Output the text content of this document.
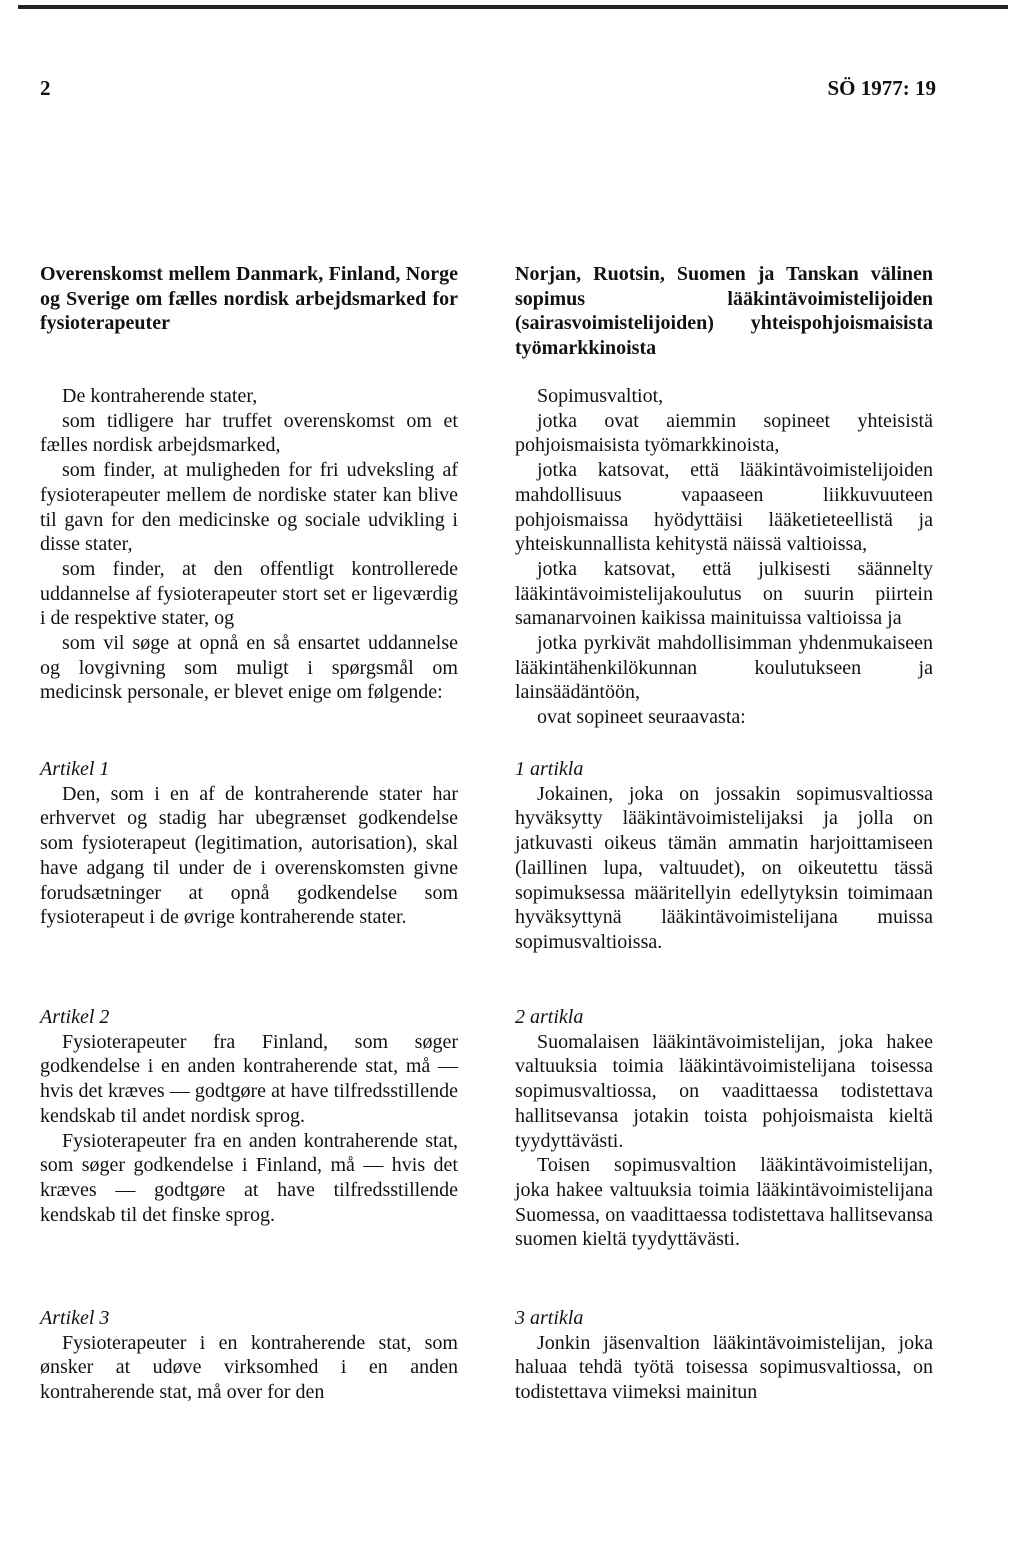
2	SÖ 1977: 19

Overenskomst mellem Danmark, Finland, Norge og Sverige om fælles nordisk arbejdsmarked for fysioterapeuter

De kontraherende stater,

som tidligere har truffet overenskomst om et fælles nordisk arbejdsmarked,

som finder, at muligheden for fri udveksling af fysioterapeuter mellem de nordiske stater kan blive til gavn for den medicinske og sociale udvikling i disse stater,

som finder, at den offentligt kontrollerede uddannelse af fysioterapeuter stort set er ligeværdig i de respektive stater, og

som vil søge at opnå en så ensartet uddannelse og lovgivning som muligt i spørgsmål om medicinsk personale, er blevet enige om følgende:

Artikel 1

Den, som i en af de kontraherende stater har erhvervet og stadig har ubegrænset godkendelse som fysioterapeut (legitimation, autorisation), skal have adgang til under de i overenskomsten givne forudsætninger at opnå godkendelse som fysioterapeut i de øvrige kontraherende stater.

Artikel 2

Fysioterapeuter fra Finland, som søger godkendelse i en anden kontraherende stat, må — hvis det kræves — godtgøre at have tilfredsstillende kendskab til andet nordisk sprog.

Fysioterapeuter fra en anden kontraherende stat, som søger godkendelse i Finland, må — hvis det kræves — godtgøre at have tilfredsstillende kendskab til det finske sprog.

Artikel 3

Fysioterapeuter i en kontraherende stat, som ønsker at udøve virksomhed i en anden kontraherende stat, må over for den

Norjan, Ruotsin, Suomen ja Tanskan välinen sopimus lääkintävoimistelijoiden (sairasvoimistelijoiden) yhteispohjoismaisista työmarkkinoista

Sopimusvaltiot,

jotka ovat aiemmin sopineet yhteisistä pohjoismaisista työmarkkinoista,

jotka katsovat, että lääkintävoimistelijoiden mahdollisuus vapaaseen liikkuvuuteen pohjoismaissa hyödyttäisi lääketieteellistä ja yhteiskunnallista kehitystä näissä valtioissa,

jotka katsovat, että julkisesti säännelty lääkintävoimistelijakoulutus on suurin piirtein samanarvoinen kaikissa mainituissa valtioissa ja

jotka pyrkivät mahdollisimman yhdenmukaiseen lääkintähenkilökunnan koulutukseen ja lainsäädäntöön,

ovat sopineet seuraavasta:

1 artikla

Jokainen, joka on jossakin sopimusvaltiossa hyväksytty lääkintävoimistelijaksi ja jolla on jatkuvasti oikeus tämän ammatin harjoittamiseen (laillinen lupa, valtuudet), on oikeutettu tässä sopimuksessa määritellyin edellytyksin toimimaan hyväksyttynä lääkintävoimistelijana muissa sopimusvaltioissa.

2 artikla

Suomalaisen lääkintävoimistelijan, joka hakee valtuuksia toimia lääkintävoimistelijana toisessa sopimusvaltiossa, on vaadittaessa todistettava hallitsevansa jotakin toista pohjoismaista kieltä tyydyttävästi.

Toisen sopimusvaltion lääkintävoimistelijan, joka hakee valtuuksia toimia lääkintävoimistelijana Suomessa, on vaadittaessa todistettava hallitsevansa suomen kieltä tyydyttävästi.

3 artikla

Jonkin jäsenvaltion lääkintävoimistelijan, joka haluaa tehdä työtä toisessa sopimusvaltiossa, on todistettava viimeksi mainitun
